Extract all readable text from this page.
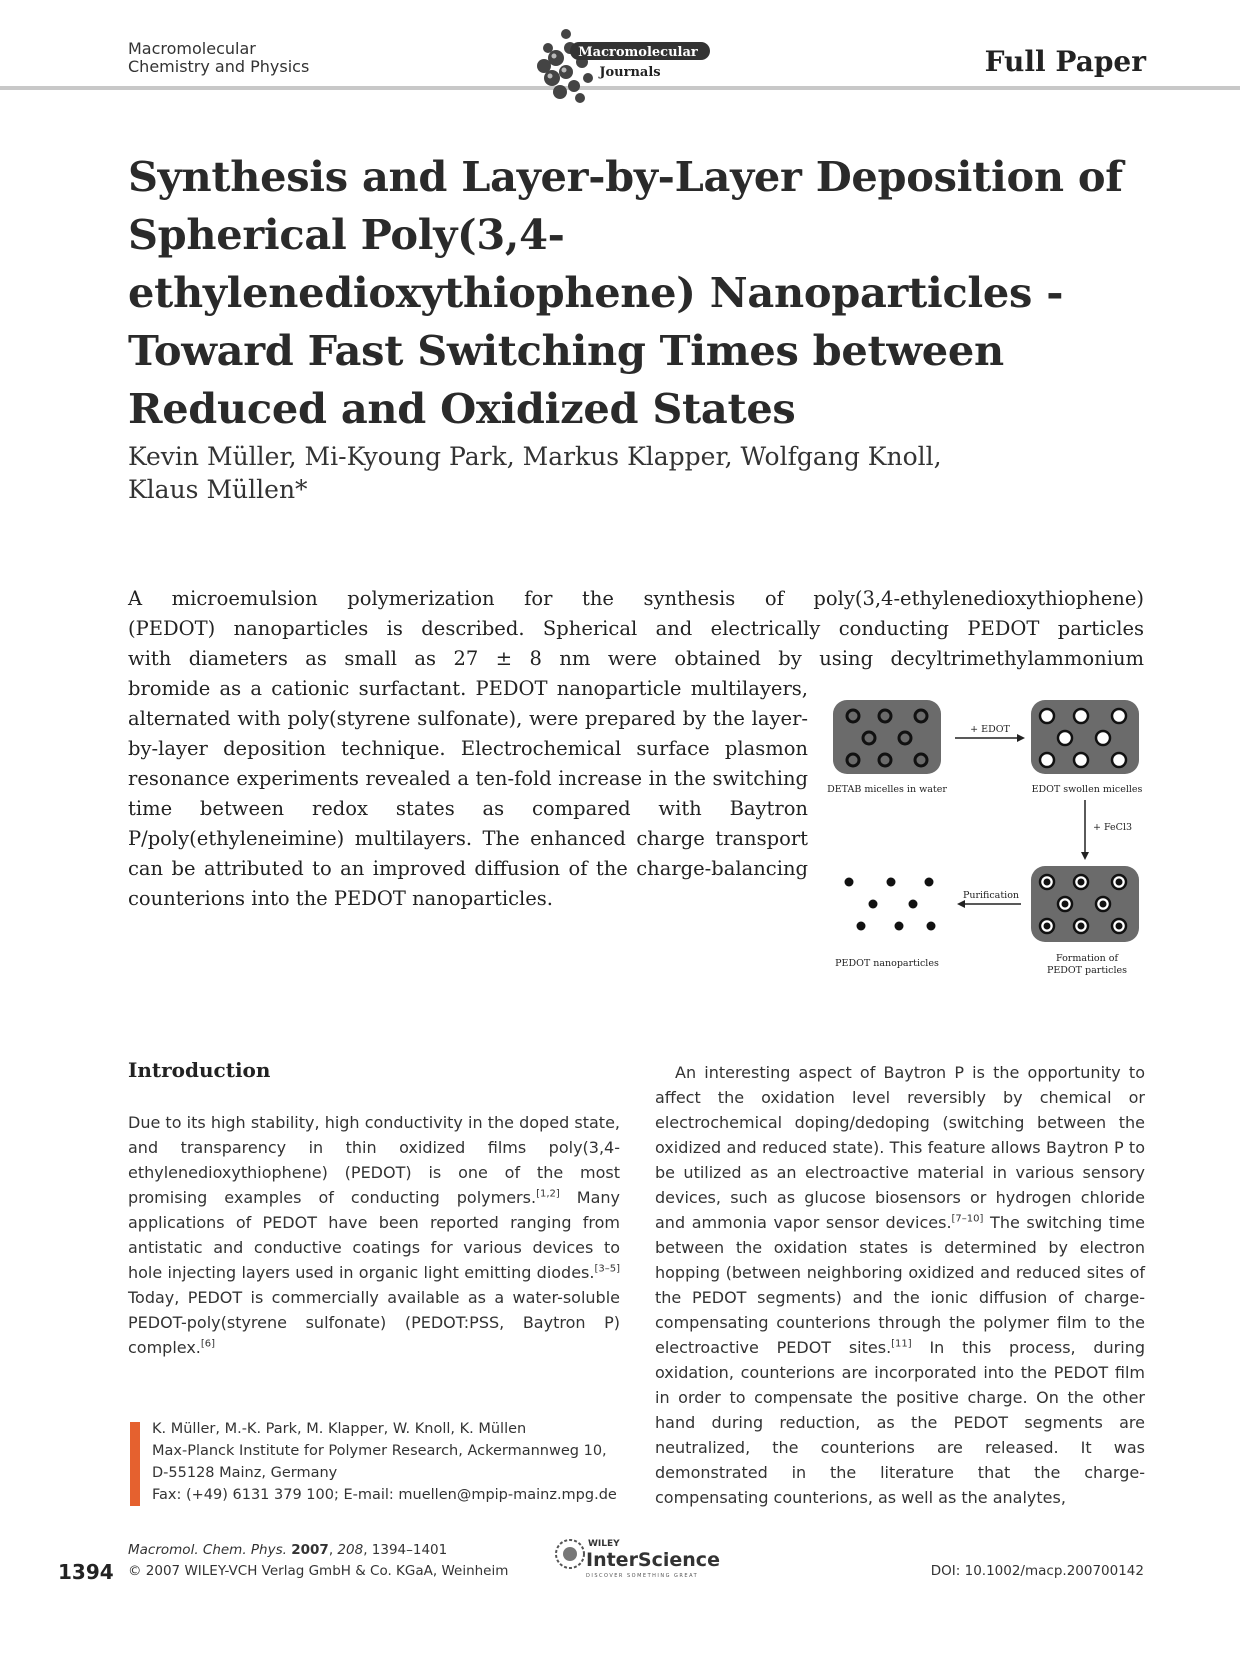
Macromolecular
Chemistry and Physics
Macromolecular
Journals	Full Paper
Synthesis and Layer-by-Layer Deposition of Spherical Poly(3,4-ethylenedioxythiophene) Nanoparticles - Toward Fast Switching Times between Reduced and Oxidized States
Kevin Müller, Mi-Kyoung Park, Markus Klapper, Wolfgang Knoll,
Klaus Müllen*
A microemulsion polymerization for the synthesis of poly(3,4-ethylenedioxythiophene)
(PEDOT) nanoparticles is described. Spherical and electrically conducting PEDOT particles
with diameters as small as 27 ± 8 nm were obtained by using decyltrimethylammonium
bromide as a cationic surfactant. PEDOT nanoparticle multilayers, alternated with poly(styrene sulfonate), were prepared by the layer-by-layer deposition technique. Electrochemical surface plasmon resonance experiments revealed a ten-fold increase in the switching time between redox states as compared with Baytron P/poly(ethyleneimine) multilayers. The enhanced charge transport can be attributed to an improved diffusion of the charge-balancing counterions into the PEDOT nanoparticles.
DETAB micelles in water	EDOT swollen micelles
+ EDOT
+ FeCl3
Formation of
PEDOT particles
Purification
PEDOT nanoparticles
Introduction

Due to its high stability, high conductivity in the doped state, and transparency in thin oxidized films poly(3,4-ethylenedioxythiophene) (PEDOT) is one of the most promising examples of conducting polymers.[1,2] Many applications of PEDOT have been reported ranging from antistatic and conductive coatings for various devices to hole injecting layers used in organic light emitting diodes.[3–5] Today, PEDOT is commercially available as a water-soluble PEDOT-poly(styrene sulfonate) (PEDOT:PSS, Baytron P) complex.[6]

An interesting aspect of Baytron P is the opportunity to affect the oxidation level reversibly by chemical or electrochemical doping/dedoping (switching between the oxidized and reduced state). This feature allows Baytron P to be utilized as an electroactive material in various sensory devices, such as glucose biosensors or hydrogen chloride and ammonia vapor sensor devices.[7–10] The switching time between the oxidation states is determined by electron hopping (between neighboring oxidized and reduced sites of the PEDOT segments) and the ionic diffusion of charge-compensating counterions through the polymer film to the electroactive PEDOT sites.[11] In this process, during oxidation, counterions are incorporated into the PEDOT film in order to compensate the positive charge. On the other hand during reduction, as the PEDOT segments are neutralized, the counterions are released. It was demonstrated in the literature that the charge-compensating counterions, as well as the analytes,

K. Müller, M.-K. Park, M. Klapper, W. Knoll, K. Müllen
Max-Planck Institute for Polymer Research, Ackermannweg 10,
D-55128 Mainz, Germany
Fax: (+49) 6131 379 100; E-mail: muellen@mpip-mainz.mpg.de
1394
Macromol. Chem. Phys. 2007, 208, 1394–1401
© 2007 WILEY-VCH Verlag GmbH & Co. KGaA, Weinheim
WILEY
InterScience
DISCOVER SOMETHING GREAT	DOI: 10.1002/macp.200700142
